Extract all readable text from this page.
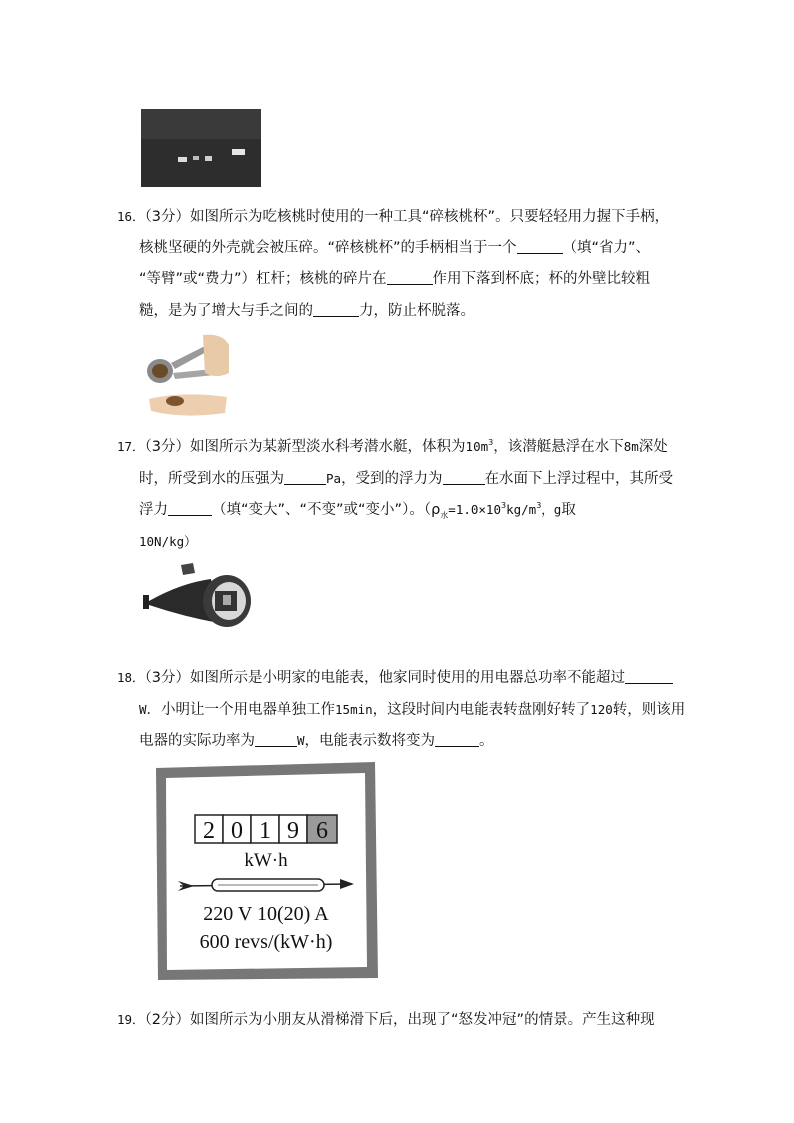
16．（3分）如图所示为吃核桃时使用的一种工具“碎核桃杯”。只要轻轻用力握下手柄，
核桃坚硬的外壳就会被压碎。“碎核桃杯”的手柄相当于一个	（填“省力”、
“等臂”或“费力”）杠杆；核桃的碎片在	作用下落到杯底；杯的外壁比较粗
糙，是为了增大与手之间的	力，防止杯脱落。
17．（3分）如图所示为某新型淡水科考潜水艇，体积为$10m^3$，该潜艇悬浮在水下8m深处
时，所受到水的压强为	Pa，受到的浮力为	在水面下上浮过程中，其所受
浮力	（填“变大”、“不变”或“变小”）。（$\rho_水=1.0\times 10^3kg/m^3$，g取
10N/kg）
18．（3分）如图所示是小明家的电能表，他家同时使用的用电器总功率不能超过
W．小明让一个用电器单独工作15min，这段时间内电能表转盘刚好转了120转，则该用
电器的实际功率为	W，电能表示数将变为	。
2 0 1 9 6
kW·h
220 V 10(20) A
600 revs/(kW·h)
19．（2分）如图所示为小朋友从滑梯滑下后，出现了“怒发冲冠”的情景。产生这种现
